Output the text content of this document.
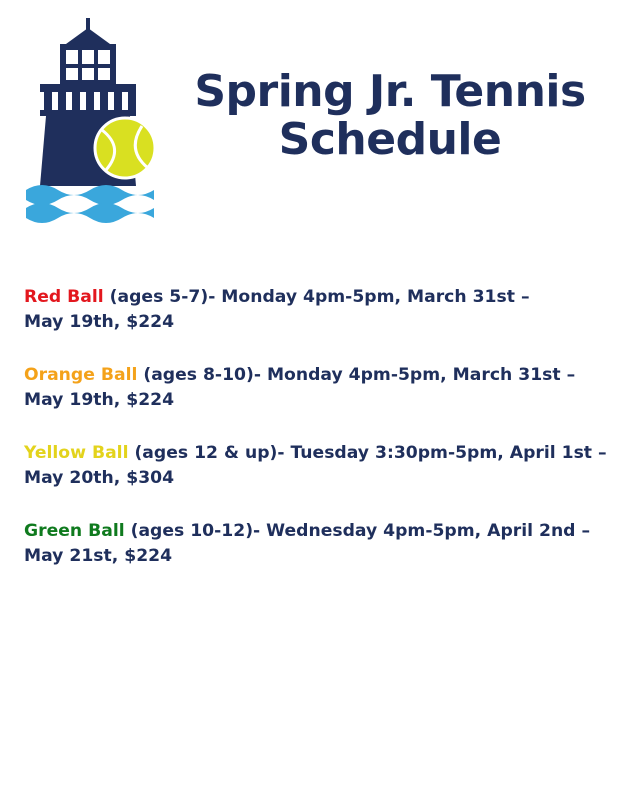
Spring Jr. Tennis
Schedule
Red Ball (ages 5-7)- Monday 4pm-5pm, March 31st –
May 19th, $224
Orange Ball (ages 8-10)- Monday 4pm-5pm, March 31st –
May 19th, $224
Yellow Ball (ages 12 & up)- Tuesday 3:30pm-5pm, April 1st –
May 20th, $304
Green Ball (ages 10-12)- Wednesday 4pm-5pm, April 2nd –
May 21st, $224
